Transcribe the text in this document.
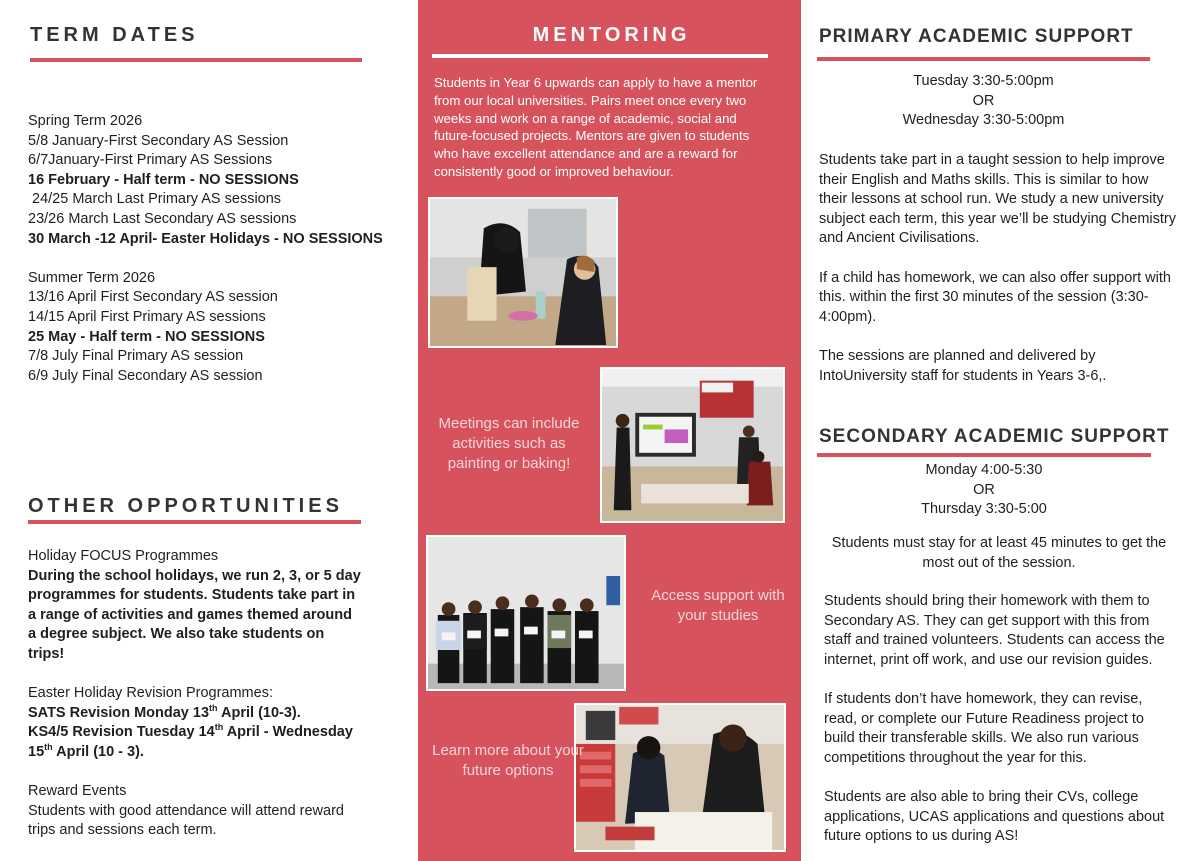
TERM DATES
Spring Term 2026
5/8 January-First Secondary AS Session
6/7January-First Primary AS Sessions
16 February - Half term - NO SESSIONS
24/25 March Last Primary AS sessions
23/26 March Last Secondary AS sessions
30 March -12 April- Easter Holidays - NO SESSIONS
Summer Term 2026
13/16 April First Secondary AS session
14/15 April First Primary AS sessions
25 May - Half term - NO SESSIONS
7/8 July Final Primary AS session
6/9 July Final Secondary AS session
OTHER OPPORTUNITIES
Holiday FOCUS Programmes
During the school holidays, we run 2, 3, or 5 day programmes for students. Students take part in a range of activities and games themed around a degree subject. We also take students on trips!
Easter Holiday Revision Programmes:
SATS Revision Monday 13th April (10-3).
KS4/5 Revision Tuesday 14th April - Wednesday 15th April (10 - 3).
Reward Events
Students with good attendance will attend reward trips and sessions each term.
MENTORING
Students in Year 6 upwards can apply to have a mentor from our local universities. Pairs meet once every two weeks and work on a range of academic, social and future-focused projects. Mentors are given to students who have excellent attendance and are a reward for consistently good or improved behaviour.
Meetings can include activities such as painting or baking!
Access support with your studies
Learn more about your future options
PRIMARY ACADEMIC SUPPORT
Tuesday 3:30-5:00pm
OR
Wednesday 3:30-5:00pm
Students take part in a taught session to help improve their English and Maths skills. This is similar to how their lessons at school run. We study a new university subject each term, this year we’ll be studying Chemistry and Ancient Civilisations.
If a child has homework, we can also offer support with this. within the first 30 minutes of the session (3:30-4:00pm).
The sessions are planned and delivered by IntoUniversity staff for students in Years 3-6,.
SECONDARY ACADEMIC SUPPORT
Monday 4:00-5:30
OR
Thursday 3:30-5:00
Students must stay for at least 45 minutes to get the most out of the session.
Students should bring their homework with them to Secondary AS. They can get support with this from staff and trained volunteers. Students can access the internet, print off work, and use our revision guides.
If students don’t have homework, they can revise, read, or complete our Future Readiness project to build their transferable skills. We also run various competitions throughout the year for this.
Students are also able to bring their CVs, college applications, UCAS applications and questions about future options to us during AS!
